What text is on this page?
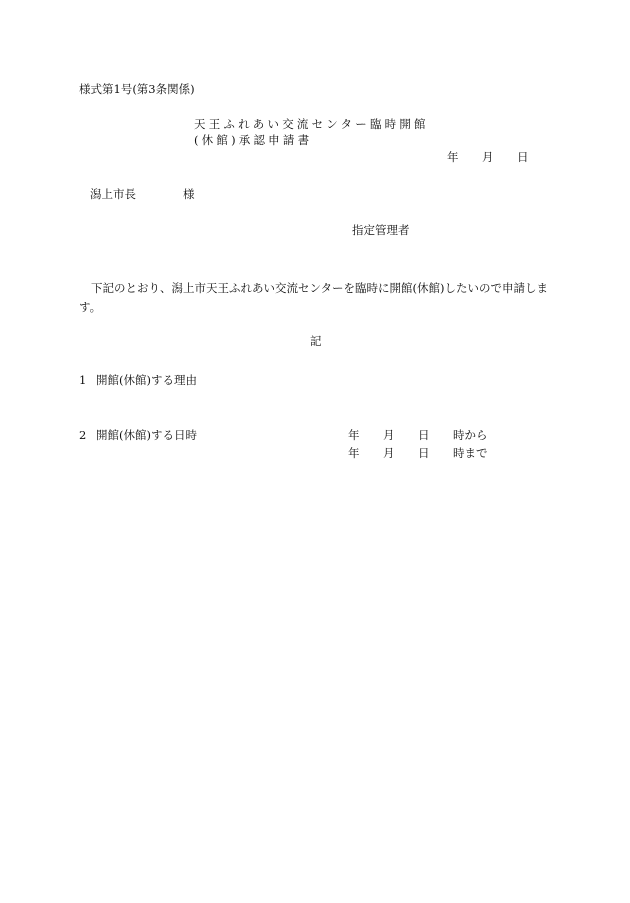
様式第1号(第3条関係)
天王ふれあい交流センター臨時開館
(休館)承認申請書
年 月 日
潟上市長	様
指定管理者
下記のとおり、潟上市天王ふれあい交流センターを臨時に開館(休館)したいので申請します。
記
1 開館(休館)する理由
2 開館(休館)する日時	年 月 日 時から
年 月 日 時まで
